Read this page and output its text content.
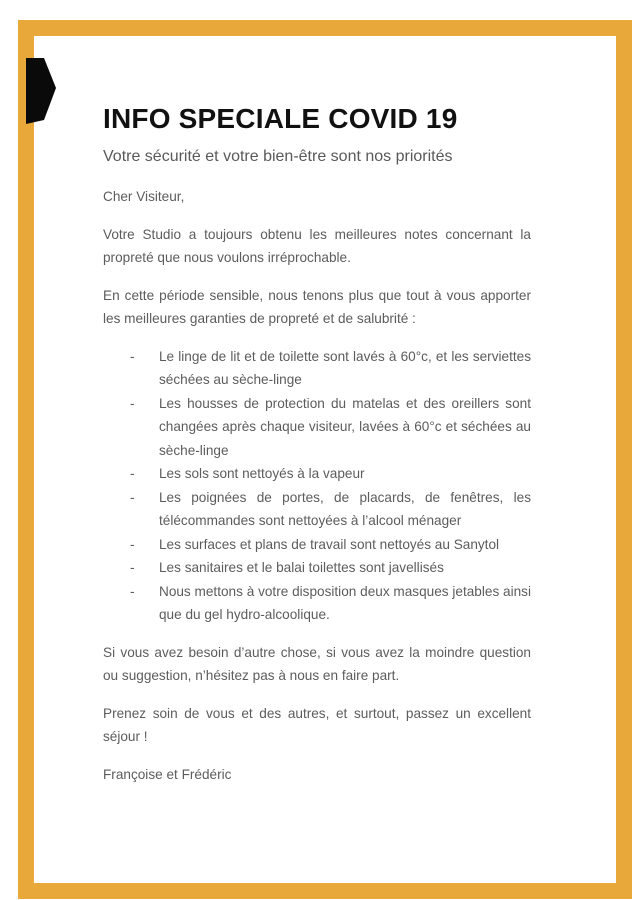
INFO SPECIALE COVID 19
Votre sécurité et votre bien-être sont nos priorités

Cher Visiteur,

Votre Studio a toujours obtenu les meilleures notes concernant la propreté que nous voulons irréprochable.

En cette période sensible, nous tenons plus que tout à vous apporter les meilleures garanties de propreté et de salubrité :

- Le linge de lit et de toilette sont lavés à 60°c, et les serviettes séchées au sèche-linge
- Les housses de protection du matelas et des oreillers sont changées après chaque visiteur, lavées à 60°c et séchées au sèche-linge
- Les sols sont nettoyés à la vapeur
- Les poignées de portes, de placards, de fenêtres, les télécommandes sont nettoyées à l’alcool ménager
- Les surfaces et plans de travail sont nettoyés au Sanytol
- Les sanitaires et le balai toilettes sont javellisés
- Nous mettons à votre disposition deux masques jetables ainsi que du gel hydro-alcoolique.

Si vous avez besoin d’autre chose, si vous avez la moindre question ou suggestion, n’hésitez pas à nous en faire part.

Prenez soin de vous et des autres, et surtout, passez un excellent séjour !

Françoise et Frédéric
